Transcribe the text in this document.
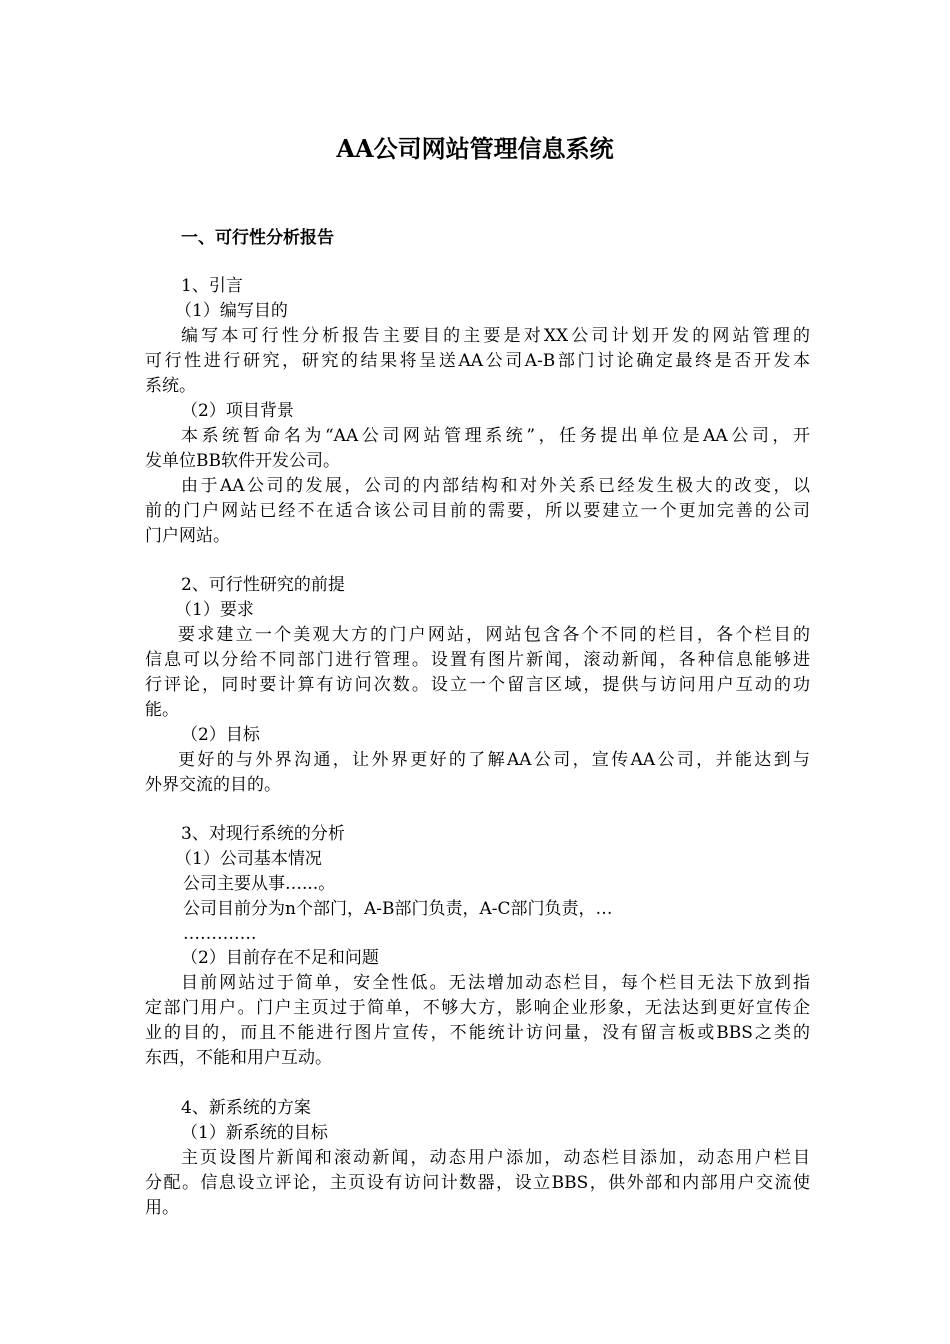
AA公司网站管理信息系统
一、可行性分析报告
1、引言
（1）编写目的
编写本可行性分析报告主要目的主要是对XX公司计划开发的网站管理的
可行性进行研究，研究的结果将呈送AA公司A-B部门讨论确定最终是否开发本
系统。
（2）项目背景
本系统暂命名为“AA公司网站管理系统”，任务提出单位是AA公司，开
发单位BB软件开发公司。
由于AA公司的发展，公司的内部结构和对外关系已经发生极大的改变，以
前的门户网站已经不在适合该公司目前的需要，所以要建立一个更加完善的公司
门户网站。
2、可行性研究的前提
（1）要求
要求建立一个美观大方的门户网站，网站包含各个不同的栏目，各个栏目的
信息可以分给不同部门进行管理。设置有图片新闻，滚动新闻，各种信息能够进
行评论，同时要计算有访问次数。设立一个留言区域，提供与访问用户互动的功
能。
（2）目标
更好的与外界沟通，让外界更好的了解AA公司，宣传AA公司，并能达到与
外界交流的目的。
3、对现行系统的分析
（1）公司基本情况
公司主要从事…...。
公司目前分为n个部门，A-B部门负责，A-C部门负责，…
………….
（2）目前存在不足和问题
目前网站过于简单，安全性低。无法增加动态栏目，每个栏目无法下放到指
定部门用户。门户主页过于简单，不够大方，影响企业形象，无法达到更好宣传企
业的目的，而且不能进行图片宣传，不能统计访问量，没有留言板或BBS之类的
东西，不能和用户互动。
4、新系统的方案
（1）新系统的目标
主页设图片新闻和滚动新闻，动态用户添加，动态栏目添加，动态用户栏目
分配。信息设立评论，主页设有访问计数器，设立BBS，供外部和内部用户交流使
用。
